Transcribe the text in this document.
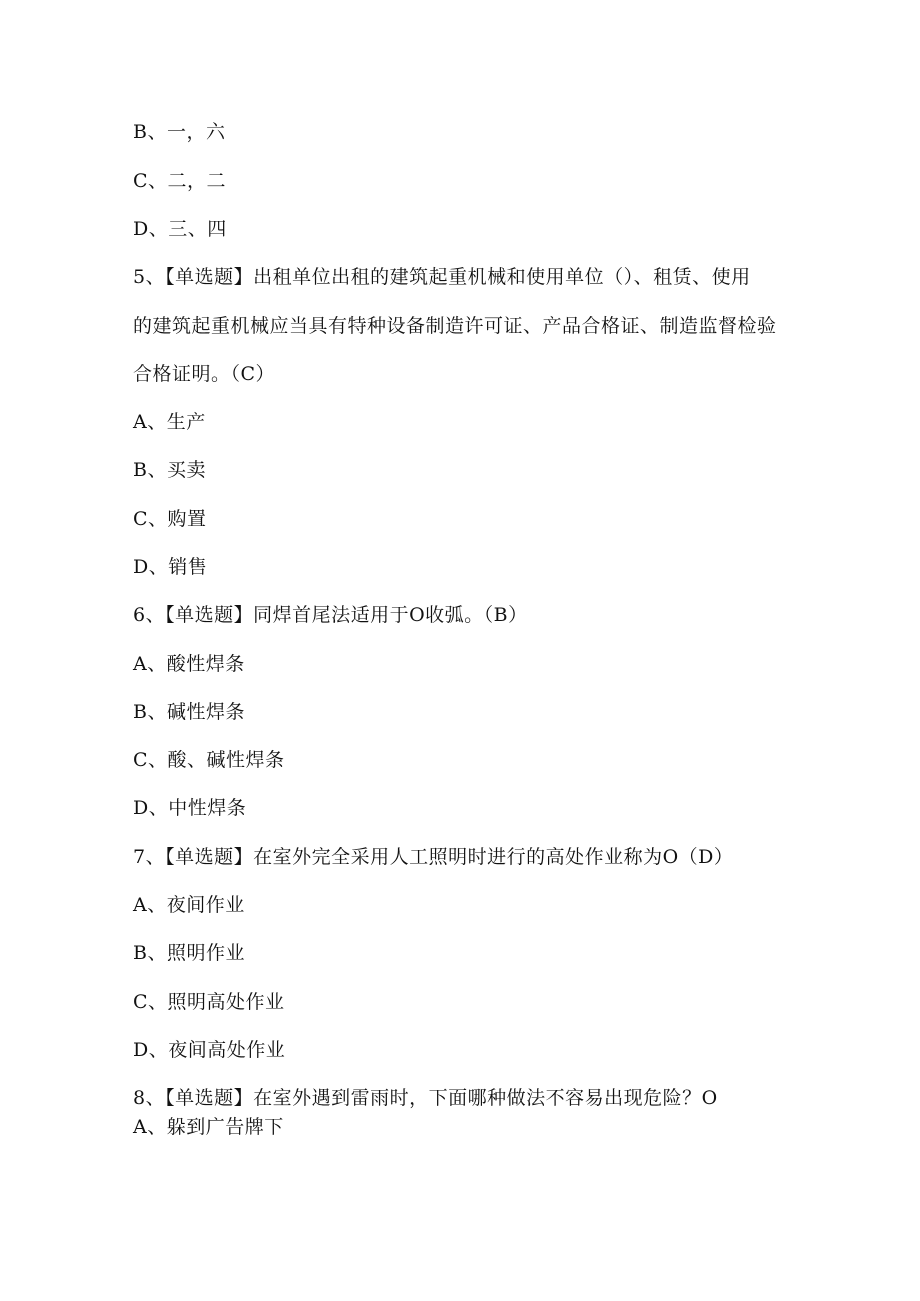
B、一，六
C、二，二
D、三、四
5、【单选题】出租单位出租的建筑起重机械和使用单位（）、租赁、使用
的建筑起重机械应当具有特种设备制造许可证、产品合格证、制造监督检验
合格证明。（C）
A、生产
B、买卖
C、购置
D、销售
6、【单选题】同焊首尾法适用于O收弧。（B）
A、酸性焊条
B、碱性焊条
C、酸、碱性焊条
D、中性焊条
7、【单选题】在室外完全采用人工照明时进行的高处作业称为O（D）
A、夜间作业
B、照明作业
C、照明高处作业
D、夜间高处作业
8、【单选题】在室外遇到雷雨时，下面哪种做法不容易出现危险？O
A、躲到广告牌下
